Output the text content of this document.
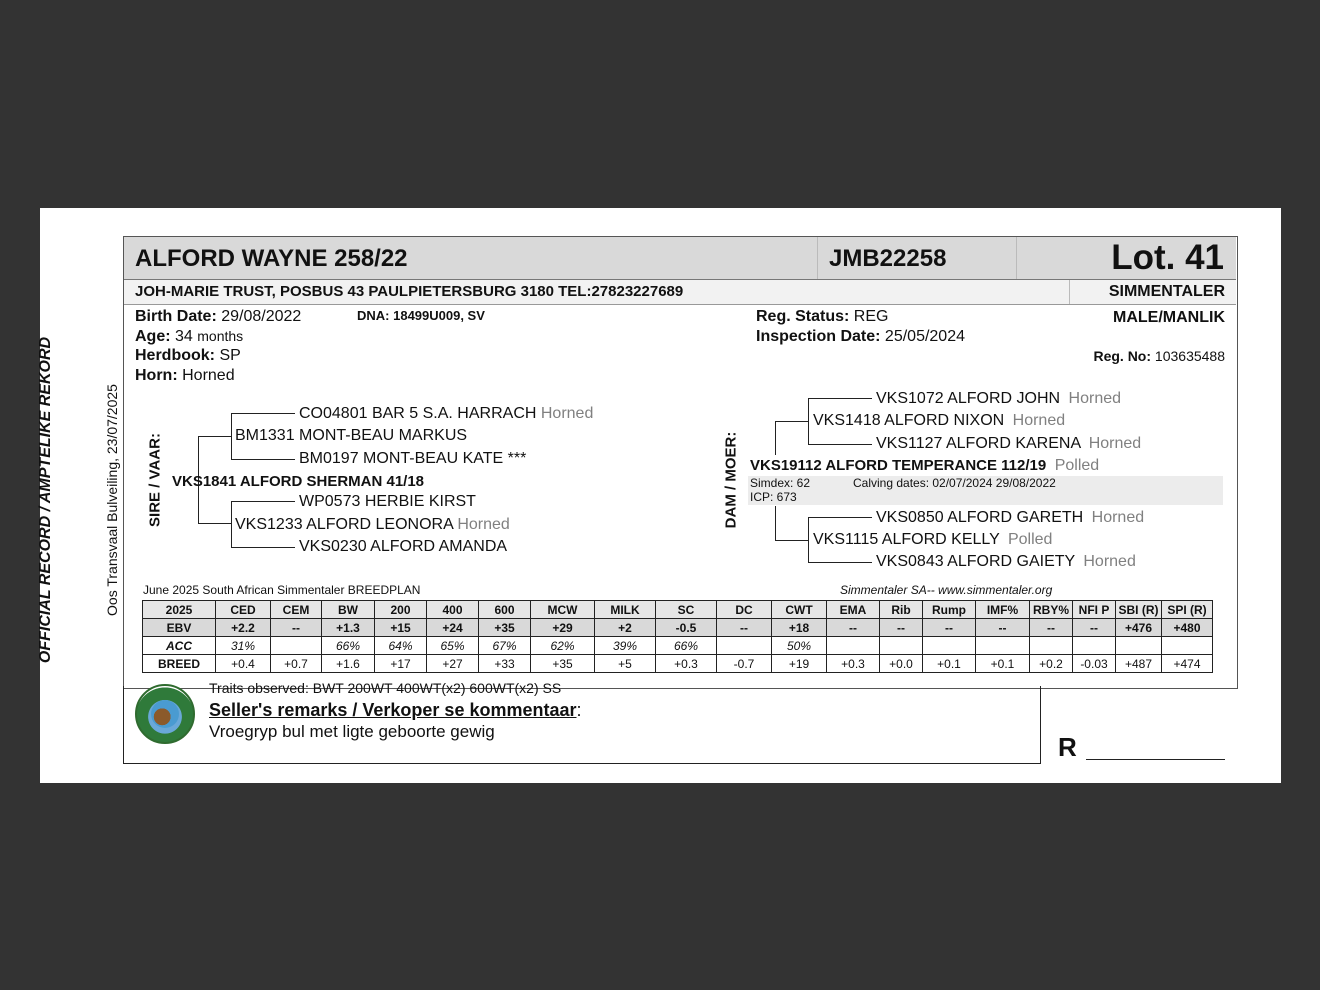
OFFICIAL RECORD / AMPTELIKE REKORD	Oos Transvaal Bulveiling, 23/07/2025
ALFORD WAYNE 258/22	JMB22258	Lot. 41
JOH-MARIE TRUST, POSBUS 43 PAULPIETERSBURG 3180 TEL:27823227689	SIMMENTALER
Birth Date: 29/08/2022	DNA: 18499U009, SV
Age: 34 months
Herdbook: SP
Horn: Horned
Reg. Status: REG
Inspection Date: 25/05/2024
MALE/MANLIK
Reg. No: 103635488
SIRE / VAAR:
CO04801 BAR 5 S.A. HARRACH Horned
BM1331 MONT-BEAU MARKUS
BM0197 MONT-BEAU KATE ***
VKS1841 ALFORD SHERMAN 41/18
WP0573 HERBIE KIRST
VKS1233 ALFORD LEONORA Horned
VKS0230 ALFORD AMANDA
DAM / MOER:
VKS1072 ALFORD JOHN Horned
VKS1418 ALFORD NIXON Horned
VKS1127 ALFORD KARENA Horned
VKS19112 ALFORD TEMPERANCE 112/19 Polled
Simdex: 62
ICP: 673
Calving dates: 02/07/2024 29/08/2022
VKS0850 ALFORD GARETH Horned
VKS1115 ALFORD KELLY Polled
VKS0843 ALFORD GAIETY Horned
June 2025 South African Simmentaler BREEDPLAN	Simmentaler SA-- www.simmentaler.org
2025	CED	CEM	BW	200	400	600	MCW	MILK	SC	DC	CWT	EMA	Rib	Rump	IMF%	RBY%	NFI P	SBI (R)	SPI (R)
EBV	+2.2	--	+1.3	+15	+24	+35	+29	+2	-0.5	--	+18	--	--	--	--	--	--	+476	+480
ACC	31%		66%	64%	65%	67%	62%	39%	66%		50%								
BREED	+0.4	+0.7	+1.6	+17	+27	+33	+35	+5	+0.3	-0.7	+19	+0.3	+0.0	+0.1	+0.1	+0.2	-0.03	+487	+474
Traits observed: BWT 200WT 400WT(x2) 600WT(x2) SS
Seller's remarks / Verkoper se kommentaar:
Vroegryp bul met ligte geboorte gewig
R
